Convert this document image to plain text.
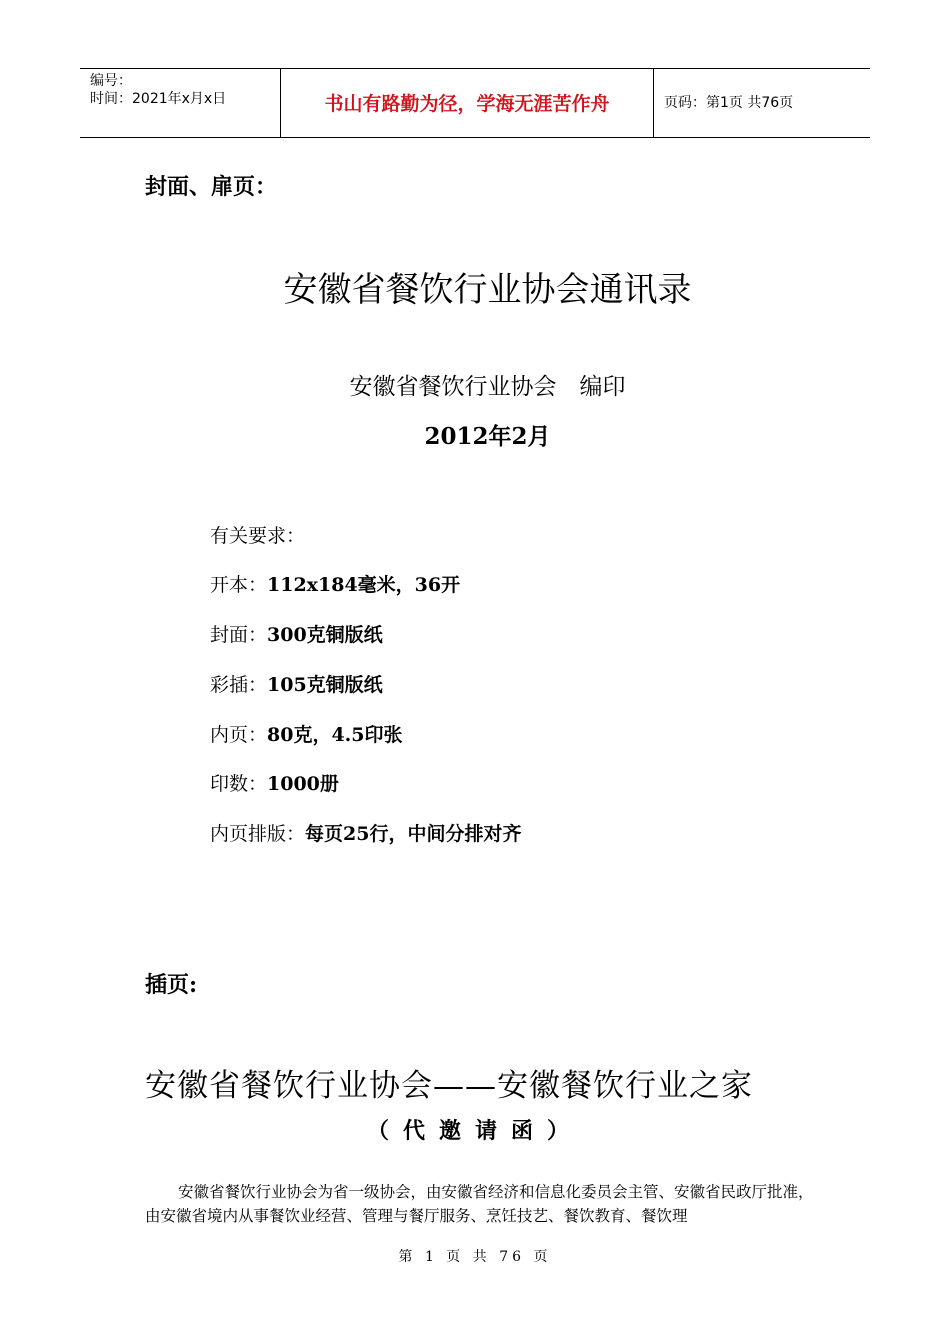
编号：
时间：2021年x月x日	书山有路勤为径，学海无涯苦作舟	页码：第1页 共76页
封面、扉页：
安徽省餐饮行业协会通讯录
安徽省餐饮行业协会　编印
2012年2月
有关要求：
开本：112x184毫米，36开
封面：300克铜版纸
彩插：105克铜版纸
内页：80克，4.5印张
印数：1000册
内页排版：每页25行，中间分排对齐
插页:
安徽省餐饮行业协会——安徽餐饮行业之家
（代邀请函）
安徽省餐饮行业协会为省一级协会，由安徽省经济和信息化委员会主管、安徽省民政厅批准，由安徽省境内从事餐饮业经营、管理与餐厅服务、烹饪技艺、餐饮教育、餐饮理
第 1 页 共 76 页
